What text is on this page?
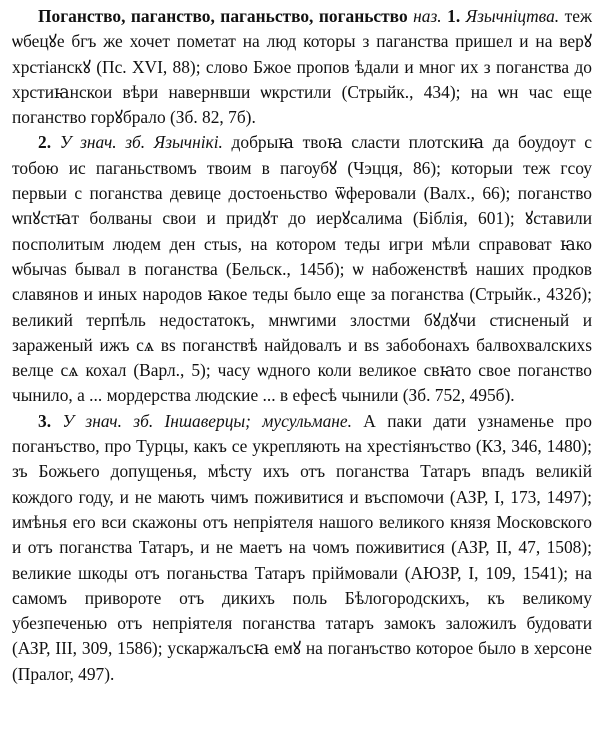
Поганство, паганство, паганьство, поганьство наз. 1. Язычніцтва. теж ѡбецꙋе бгъ же хочет пометат на люд которы з паганства пришел и на верꙋ хрстіанскꙋ (Пс. XVI, 88); слово Бжое пропов ѣдали и мног их з поганства до хрстиꙗнскои вѣри навернвши ѡкрстили (Стрыйк., 434); на ѡн час еще поганство горꙋбрало (Зб. 82, 7б).

2. У знач. зб. Язычнікі. добрыꙗ твоꙗ сласти плотскиꙗ да боудоут с тобою ис паганьствомъ твоим в пагоубꙋ (Чэцця, 86); которыи теж гсоу первыи с поганства девице достоеньство ѿферовали (Валх., 66); поганство ѡпꙋстꙗт болваны свои и придꙋт до иерꙋсалима (Біблія, 601); ꙋставили посполитым людем ден стыs, на котором теды игри мѣли справоват ꙗко ѡбычаs бывал в поганства (Бельск., 145б); ѡ набоженствѣ наших продков славянов и иных народов ꙗкое теды было еще за поганства (Стрыйк., 432б); великий терпѣль недостатокъ, мнѡгими злостми бꙋдꙋчи стисненый и зараженый ижъ сѧ вs поганствѣ найдовалъ и вs забобонахъ балвохвалскихs велце сѧ кохал (Варл., 5); часу ѡдного коли великое свꙗто свое поганство чынило, а ... мордерства людские ... в ефесѣ чынили (Зб. 752, 495б).

3. У знач. зб. Іншаверцы; мусульмане. А паки дати узнаменье про поганъство, про Турцы, какъ се укрепляють на хрестіянъство (КЗ, 346, 1480); зъ Божьего допущенья, мѣсту ихъ отъ поганства Татаръ впадъ великiй кождого году, и не мають чимъ поживитися и въспомочи (АЗР, I, 173, 1497); имѣнья его вси скажоны отъ непріятеля нашого великого князя Московского и отъ поганства Татаръ, и не маетъ на чомъ поживитися (АЗР, II, 47, 1508); великие шкоды отъ поганьства Татаръ пріймовали (АЮЗР, I, 109, 1541); на самомъ привороте отъ дикихъ поль Бѣлогородскихъ, къ великому убезпеченью отъ непріятеля поганства татаръ замокъ заложилъ будовати (АЗР, III, 309, 1586); ускаржалъсꙗ емꙋ на поганъство которое было в херсоне (Пралог, 497).
